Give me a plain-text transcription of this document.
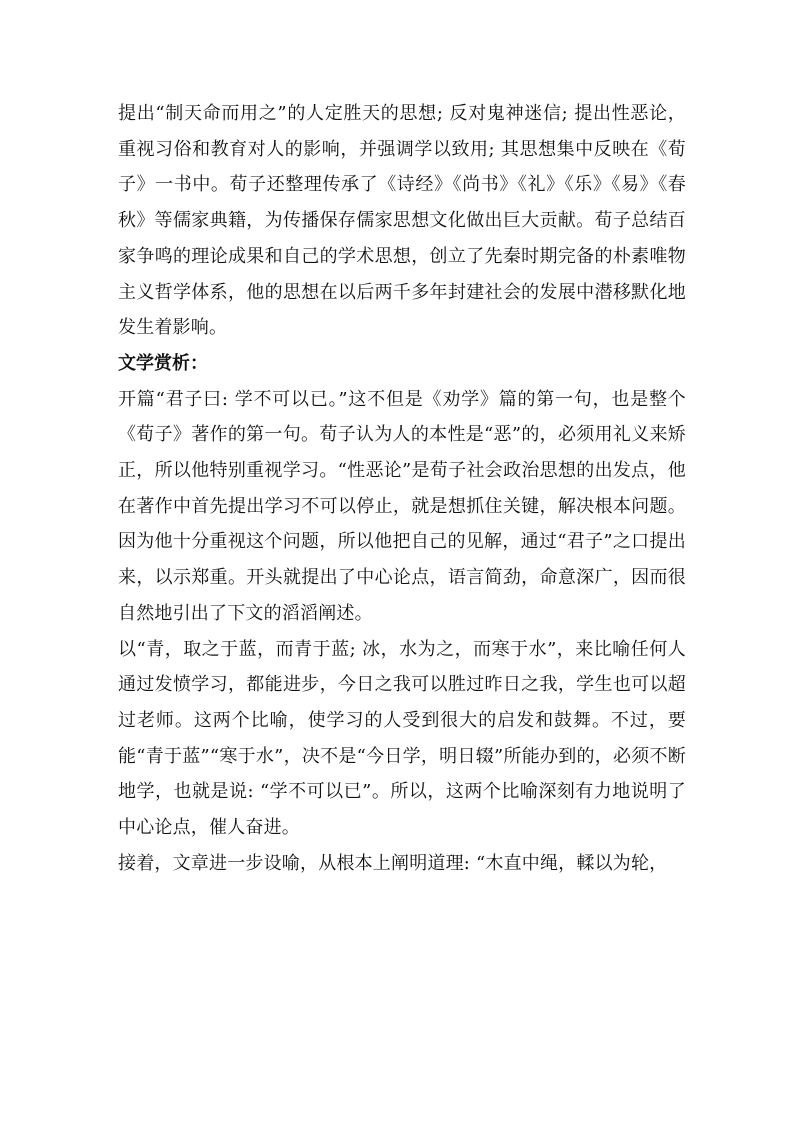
提出“制天命而用之”的人定胜天的思想; 反对鬼神迷信; 提出性恶论，重视习俗和教育对人的影响，并强调学以致用; 其思想集中反映在《荀子》一书中。荀子还整理传承了《诗经》《尚书》《礼》《乐》《易》《春秋》等儒家典籍，为传播保存儒家思想文化做出巨大贡献。荀子总结百家争鸣的理论成果和自己的学术思想，创立了先秦时期完备的朴素唯物主义哲学体系，他的思想在以后两千多年封建社会的发展中潜移默化地发生着影响。

文学赏析：

开篇“君子曰: 学不可以已。”这不但是《劝学》篇的第一句，也是整个《荀子》著作的第一句。荀子认为人的本性是“恶”的，必须用礼义来矫正，所以他特别重视学习。“性恶论”是荀子社会政治思想的出发点，他在著作中首先提出学习不可以停止，就是想抓住关键，解决根本问题。因为他十分重视这个问题，所以他把自己的见解，通过“君子”之口提出来，以示郑重。开头就提出了中心论点，语言简劲，命意深广，因而很自然地引出了下文的滔滔阐述。

以“青，取之于蓝，而青于蓝; 冰，水为之，而寒于水”，来比喻任何人通过发愤学习，都能进步，今日之我可以胜过昨日之我，学生也可以超过老师。这两个比喻，使学习的人受到很大的启发和鼓舞。不过，要能“青于蓝”“寒于水”，决不是“今日学，明日辍”所能办到的，必须不断地学，也就是说: “学不可以已”。所以，这两个比喻深刻有力地说明了中心论点，催人奋进。

接着，文章进一步设喻，从根本上阐明道理: “木直中绳，輮以为轮，
